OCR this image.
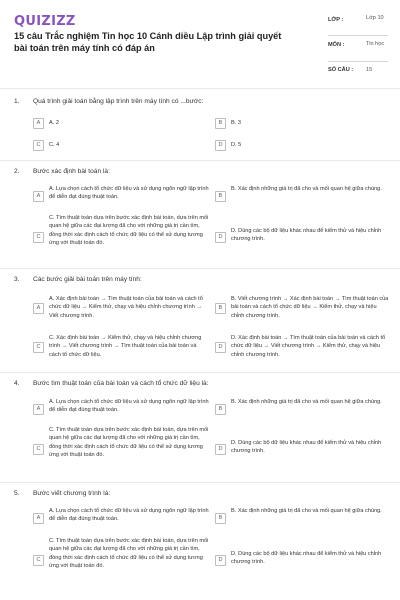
QUIZIZZ
15 câu Trắc nghiệm Tin học 10 Cánh diều Lập trình giải quyết bài toán trên máy tính có đáp án
LỚP :	Lớp 10
MÔN :	Tin học
SỐ CÂU : 15
1. Quá trình giải toán bằng lập trình trên máy tính có ...bước:
A	A. 2	B	B. 3
C	C. 4	D	D. 5
2. Bước xác định bài toán là:
A
A. Lựa chọn cách tổ chức dữ liệu và sử dụng ngôn ngữ lập trình để diễn đạt đúng thuật toán.	B
B. Xác định những giá trị đã cho và mối quan hệ giữa chúng.
C
C. Tìm thuật toán dựa trên bước xác định bài toán, dựa trên mối quan hệ giữa các đại lượng đã cho với những giá trị cần tìm, đồng thời xác định cách tổ chức dữ liệu có thể sử dụng tương ứng với thuật toán đó.
D
D. Dùng các bộ dữ liệu khác nhau để kiểm thử và hiệu chỉnh chương trình.
3. Các bước giải bài toán trên máy tính:
A
A. Xác định bài toán → Tìm thuật toán của bài toán và cách tổ chức dữ liệu → Kiểm thử, chạy và hiệu chỉnh chương trình → Viết chương trình.
B
B. Viết chương trình → Xác định bài toán → Tìm thuật toán của bài toán và cách tổ chức dữ liệu → Kiểm thử, chạy và hiệu chỉnh chương trình.
C
C. Xác định bài toán → Kiểm thử, chạy và hiệu chỉnh chương trình → Viết chương trình → Tìm thuật toán của bài toán và cách tổ chức dữ liệu.
D
D. Xác định bài toán → Tìm thuật toán của bài toán và cách tổ chức dữ liệu → Viết chương trình → Kiểm thử, chạy và hiệu chỉnh chương trình.
4. Bước tìm thuật toán của bài toán và cách tổ chức dữ liệu là:
A
A. Lựa chọn cách tổ chức dữ liệu và sử dụng ngôn ngữ lập trình để diễn đạt đúng thuật toán.	B
B. Xác định những giá trị đã cho và mối quan hệ giữa chúng.
C
C. Tìm thuật toán dựa trên bước xác định bài toán, dựa trên mối quan hệ giữa các đại lượng đã cho với những giá trị cần tìm, đồng thời xác định cách tổ chức dữ liệu có thể sử dụng tương ứng với thuật toán đó.
D
D. Dùng các bộ dữ liệu khác nhau để kiểm thử và hiệu chỉnh chương trình.
5. Bước viết chương trình là:
A
A. Lựa chọn cách tổ chức dữ liệu và sử dụng ngôn ngữ lập trình để diễn đạt đúng thuật toán.	B
B. Xác định những giá trị đã cho và mối quan hệ giữa chúng.
C
C. Tìm thuật toán dựa trên bước xác định bài toán, dựa trên mối quan hệ giữa các đại lượng đã cho với những giá trị cần tìm, đồng thời xác định cách tổ chức dữ liệu có thể sử dụng tương ứng với thuật toán đó.
D
D. Dùng các bộ dữ liệu khác nhau để kiểm thử và hiệu chỉnh chương trình.
